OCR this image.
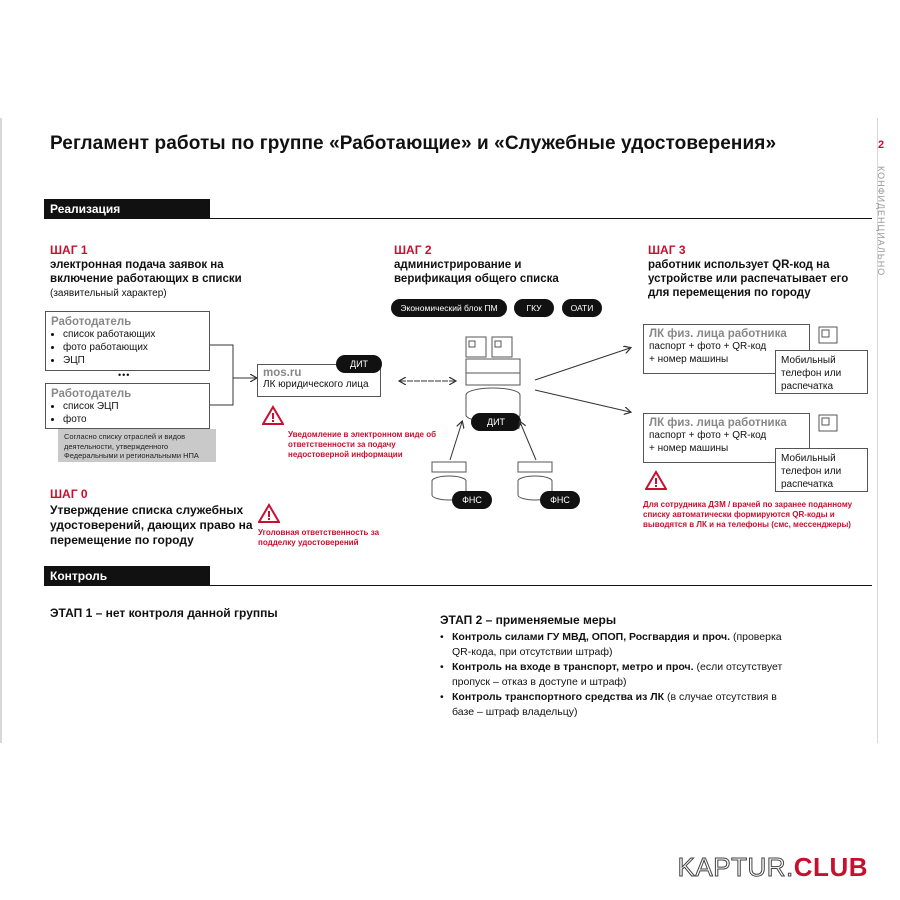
Регламент работы по группе «Работающие» и «Служебные удостоверения»	2
КОНФИДЕНЦИАЛЬНО
Реализация
ШАГ 1
электронная подача заявок на включение работающих в списки (заявительный характер)
Работодатель
• список работающих
• фото работающих
• ЭЦП
•••
Работодатель
• список ЭЦП
• фото
Согласно списку отраслей и видов деятельности, утвержденного Федеральными и региональными НПА
mos.ru
ЛК юридического лица
ДИТ
Уведомление в электронном виде об ответственности за подачу недостоверной информации
ШАГ 0
Утверждение списка служебных удостоверений, дающих право на перемещение по городу
Уголовная ответственность за подделку удостоверений
ШАГ 2
администрирование и верификация общего списка
Экономический блок ПМ	ГКУ	ОАТИ
ДИТ
ФНС	ФНС
ШАГ 3
работник использует QR-код на устройстве или распечатывает его для перемещения по городу
ЛК физ. лица работника
паспорт + фото + QR-код
+ номер машины	Мобильный телефон или распечатка
ЛК физ. лица работника
паспорт + фото + QR-код
+ номер машины
Мобильный телефон или распечатка
Для сотрудника ДЗМ / врачей по заранее поданному списку автоматически формируются QR-коды и выводятся в ЛК и на телефоны (смс, мессенджеры)
Контроль
ЭТАП 1 – нет контроля данной группы	ЭТАП 2 – применяемые меры
• Контроль силами ГУ МВД, ОПОП, Росгвардия и проч. (проверка QR-кода, при отсутствии штраф)
• Контроль на входе в транспорт, метро и проч. (если отсутствует пропуск – отказ в доступе и штраф)
• Контроль транспортного средства из ЛК (в случае отсутствия в базе – штраф владельцу)
KAPTUR.CLUB
